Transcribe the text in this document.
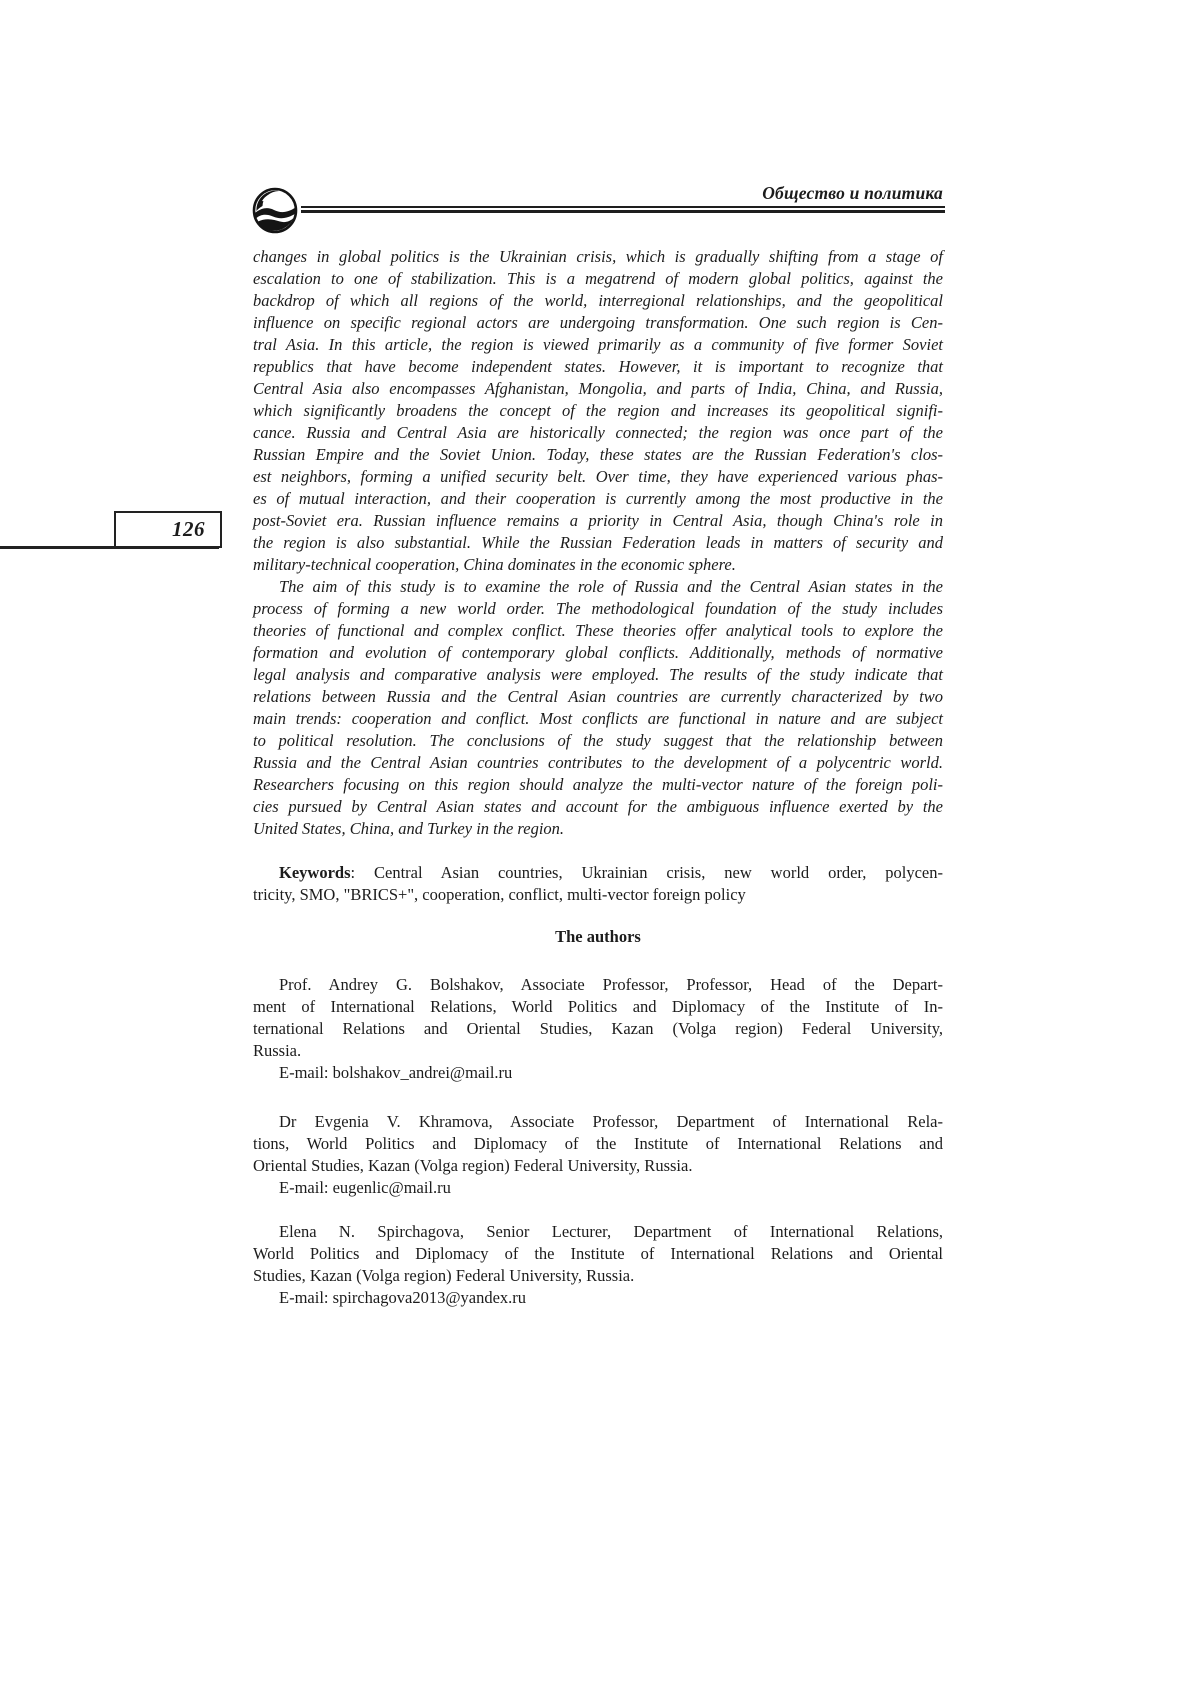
Общество и политика
126
changes in global politics is the Ukrainian crisis, which is gradually shifting from a stage of
escalation to one of stabilization. This is a megatrend of modern global politics, against the
backdrop of which all regions of the world, interregional relationships, and the geopolitical
influence on specific regional actors are undergoing transformation. One such region is Cen-
tral Asia. In this article, the region is viewed primarily as a community of five former Soviet
republics that have become independent states. However, it is important to recognize that
Central Asia also encompasses Afghanistan, Mongolia, and parts of India, China, and Russia,
which significantly broadens the concept of the region and increases its geopolitical signifi-
cance. Russia and Central Asia are historically connected; the region was once part of the
Russian Empire and the Soviet Union. Today, these states are the Russian Federation's clos-
est neighbors, forming a unified security belt. Over time, they have experienced various phas-
es of mutual interaction, and their cooperation is currently among the most productive in the
post-Soviet era. Russian influence remains a priority in Central Asia, though China's role in
the region is also substantial. While the Russian Federation leads in matters of security and
military-technical cooperation, China dominates in the economic sphere.
The aim of this study is to examine the role of Russia and the Central Asian states in the
process of forming a new world order. The methodological foundation of the study includes
theories of functional and complex conflict. These theories offer analytical tools to explore the
formation and evolution of contemporary global conflicts. Additionally, methods of normative
legal analysis and comparative analysis were employed. The results of the study indicate that
relations between Russia and the Central Asian countries are currently characterized by two
main trends: cooperation and conflict. Most conflicts are functional in nature and are subject
to political resolution. The conclusions of the study suggest that the relationship between
Russia and the Central Asian countries contributes to the development of a polycentric world.
Researchers focusing on this region should analyze the multi-vector nature of the foreign poli-
cies pursued by Central Asian states and account for the ambiguous influence exerted by the
United States, China, and Turkey in the region.
Keywords: Central Asian countries, Ukrainian crisis, new world order, polycen-
tricity, SMO, "BRICS+", cooperation, conflict, multi-vector foreign policy
The authors
Prof. Andrey G. Bolshakov, Associate Professor, Professor, Head of the Depart-
ment of International Relations, World Politics and Diplomacy of the Institute of In-
ternational Relations and Oriental Studies, Kazan (Volga region) Federal University,
Russia.
E-mail: bolshakov_andrei@mail.ru
Dr Evgenia V. Khramova, Associate Professor, Department of International Rela-
tions, World Politics and Diplomacy of the Institute of International Relations and
Oriental Studies, Kazan (Volga region) Federal University, Russia.
E-mail: eugenlic@mail.ru
Elena N. Spirchagova, Senior Lecturer, Department of International Relations,
World Politics and Diplomacy of the Institute of International Relations and Oriental
Studies, Kazan (Volga region) Federal University, Russia.
E-mail: spirchagova2013@yandex.ru
